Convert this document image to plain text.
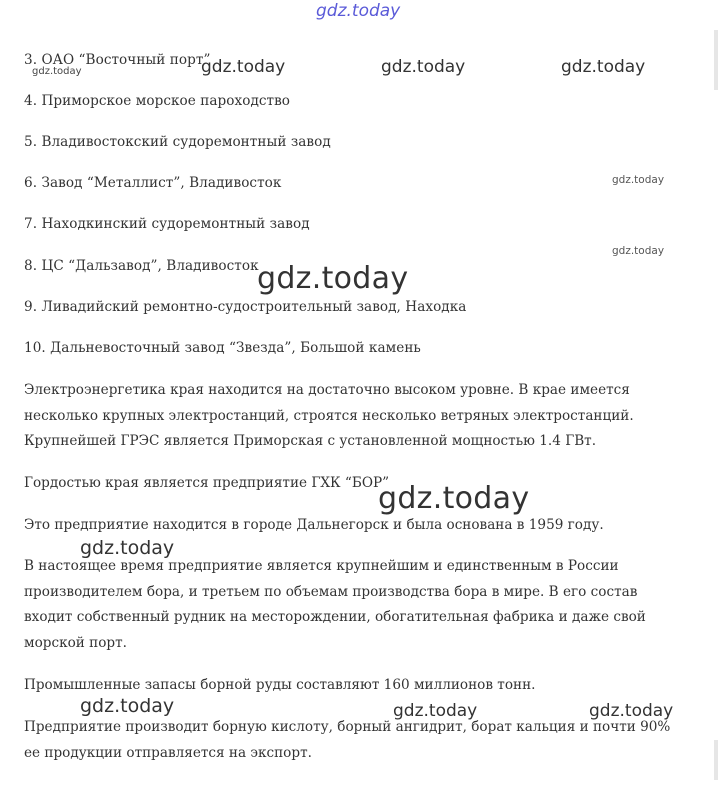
gdz.today
3. ОАО “Восточный порт”
4. Приморское морское пароходство
5. Владивостокский судоремонтный завод
6. Завод “Металлист”, Владивосток
7. Находкинский судоремонтный завод
8. ЦС “Дальзавод”, Владивосток
9. Ливадийский ремонтно-судостроительный завод, Находка
10. Дальневосточный завод “Звезда”, Большой камень

Электроэнергетика края находится на достаточно высоком уровне. В крае имеется несколько крупных электростанций, строятся несколько ветряных электростанций. Крупнейшей ГРЭС является Приморская с установленной мощностью 1.4 ГВт.

Гордостью края является предприятие ГХК “БОР”

Это предприятие находится в городе Дальнегорск и была основана в 1959 году.

В настоящее время предприятие является крупнейшим и единственным в России производителем бора, и третьем по объемам производства бора в мире. В его состав входит собственный рудник на месторождении, обогатительная фабрика и даже свой морской порт.

Промышленные запасы борной руды составляют 160 миллионов тонн.

Предприятие производит борную кислоту, борный ангидрит, борат кальция и почти 90% ее продукции отправляется на экспорт.

gdz.today	gdz.today	gdz.today	gdz.today
gdz.today
gdz.today
gdz.today
gdz.today
gdz.today
gdz.today	gdz.today	gdz.today
